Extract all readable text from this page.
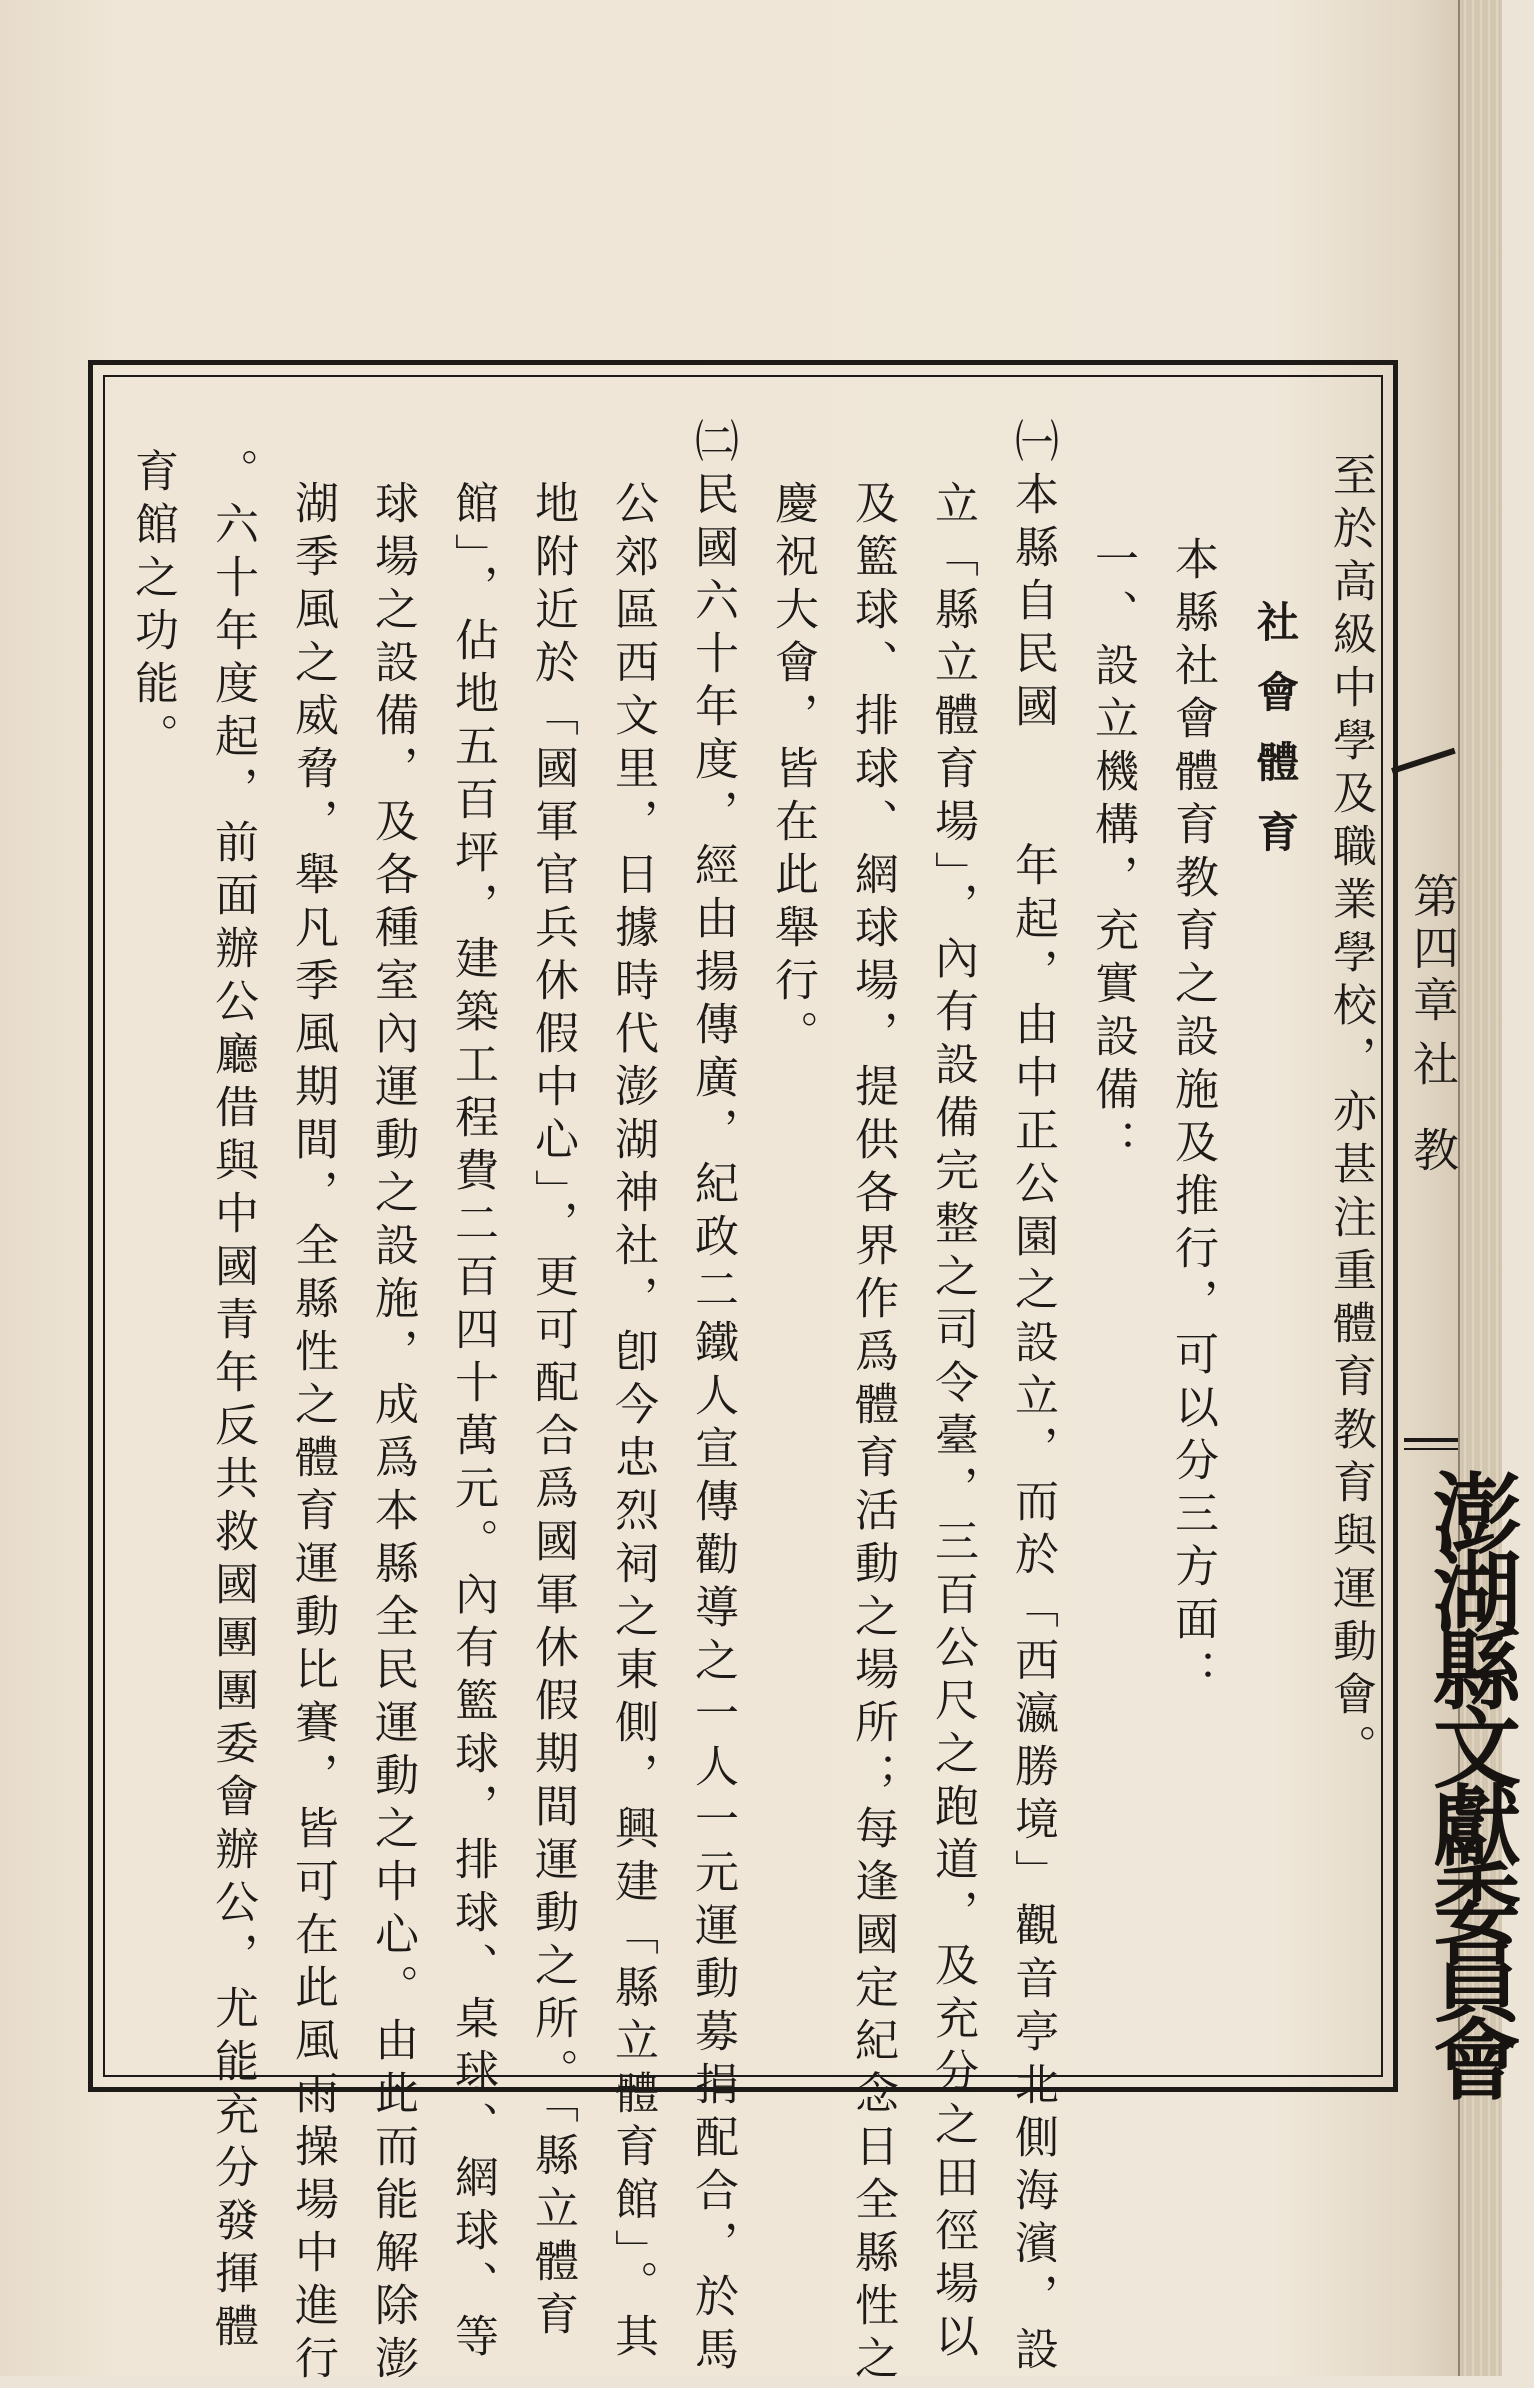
第四章
社教
澎湖縣文獻委員會
至於高級中學及職業學校，亦甚注重體育教育與運動會。
本縣社會體育教育之設施及推行，可以分三方面： 社會體育
一、設立機構，充實設備：
㈠本縣自民國　　年起，由中正公園之設立，而於「西瀛勝境」觀音亭北側海濱，設
立「縣立體育場」，內有設備完整之司令臺，三百公尺之跑道，及充分之田徑場以
及籃球、排球、網球場，提供各界作爲體育活動之場所；每逢國定紀念日全縣性之
慶祝大會，皆在此舉行。
㈡民國六十年度，經由揚傳廣，紀政二鐵人宣傳勸導之一人一元運動募捐配合，於馬
公郊區西文里，日據時代澎湖神社，卽今忠烈祠之東側，興建「縣立體育館」。其
地附近於「國軍官兵休假中心」，更可配合爲國軍休假期間運動之所。「縣立體育
館」，佔地五百坪，建築工程費二百四十萬元。內有籃球，排球、桌球、網球、等
球場之設備，及各種室內運動之設施，成爲本縣全民運動之中心。由此而能解除澎
湖季風之威脅，舉凡季風期間，全縣性之體育運動比賽，皆可在此風雨操場中進行
。六十年度起，前面辦公廳借與中國青年反共救國團團委會辦公，尤能充分發揮體
育館之功能。
